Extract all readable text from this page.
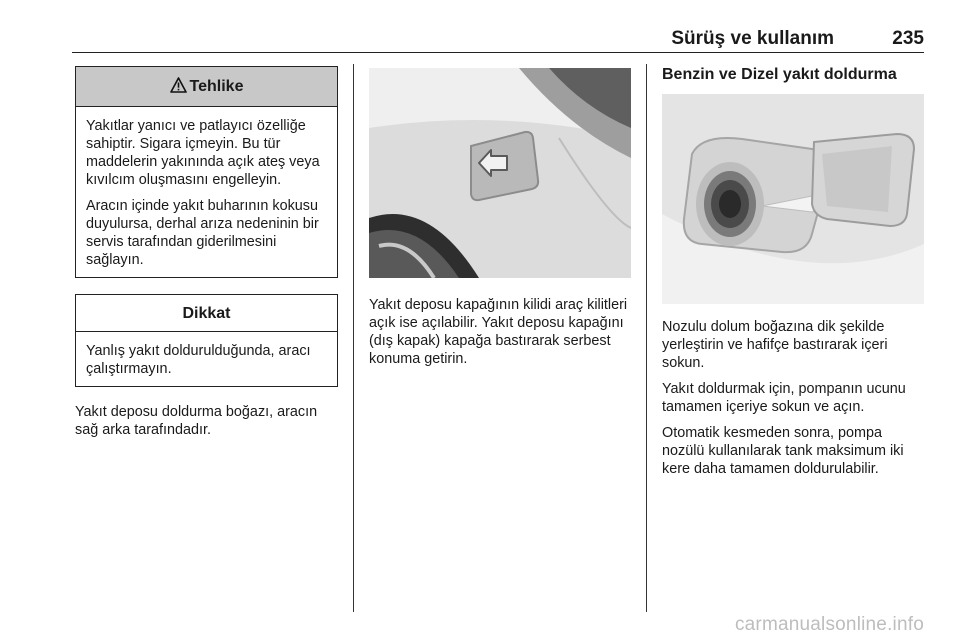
Sürüş ve kullanım	235
Tehlike

Yakıtlar yanıcı ve patlayıcı özelliğe sahiptir. Sigara içmeyin. Bu tür maddelerin yakınında açık ateş veya kıvılcım oluşmasını engelleyin.

Aracın içinde yakıt buharının kokusu duyulursa, derhal arıza nedeninin bir servis tarafından giderilmesini sağlayın.

Dikkat

Yanlış yakıt doldurulduğunda, aracı çalıştırmayın.

Yakıt deposu doldurma boğazı, aracın sağ arka tarafındadır.

Yakıt deposu kapağının kilidi araç kilitleri açık ise açılabilir. Yakıt deposu kapağını (dış kapak) kapağa bastırarak serbest konuma getirin.

Benzin ve Dizel yakıt doldurma

Nozulu dolum boğazına dik şekilde yerleştirin ve hafifçe bastırarak içeri sokun.

Yakıt doldurmak için, pompanın ucunu tamamen içeriye sokun ve açın.

Otomatik kesmeden sonra, pompa nozülü kullanılarak tank maksimum iki kere daha tamamen doldurulabilir.

carmanualsonline.info
